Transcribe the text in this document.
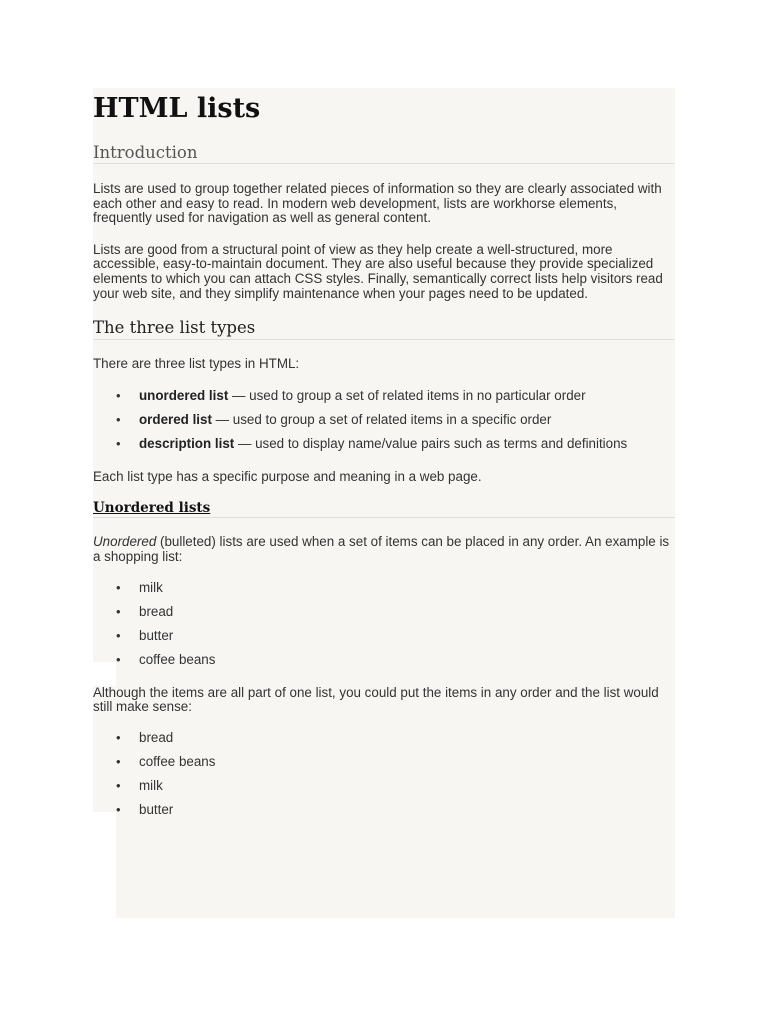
HTML lists
Introduction

Lists are used to group together related pieces of information so they are clearly associated with each other and easy to read. In modern web development, lists are workhorse elements, frequently used for navigation as well as general content.

Lists are good from a structural point of view as they help create a well-structured, more accessible, easy-to-maintain document. They are also useful because they provide specialized elements to which you can attach CSS styles. Finally, semantically correct lists help visitors read your web site, and they simplify maintenance when your pages need to be updated.

The three list types

There are three list types in HTML:

• unordered list — used to group a set of related items in no particular order
• ordered list — used to group a set of related items in a specific order
• description list — used to display name/value pairs such as terms and definitions

Each list type has a specific purpose and meaning in a web page.

Unordered lists

Unordered (bulleted) lists are used when a set of items can be placed in any order. An example is a shopping list:

• milk
• bread
• butter
• coffee beans

Although the items are all part of one list, you could put the items in any order and the list would still make sense:

• bread
• coffee beans
• milk
• butter
